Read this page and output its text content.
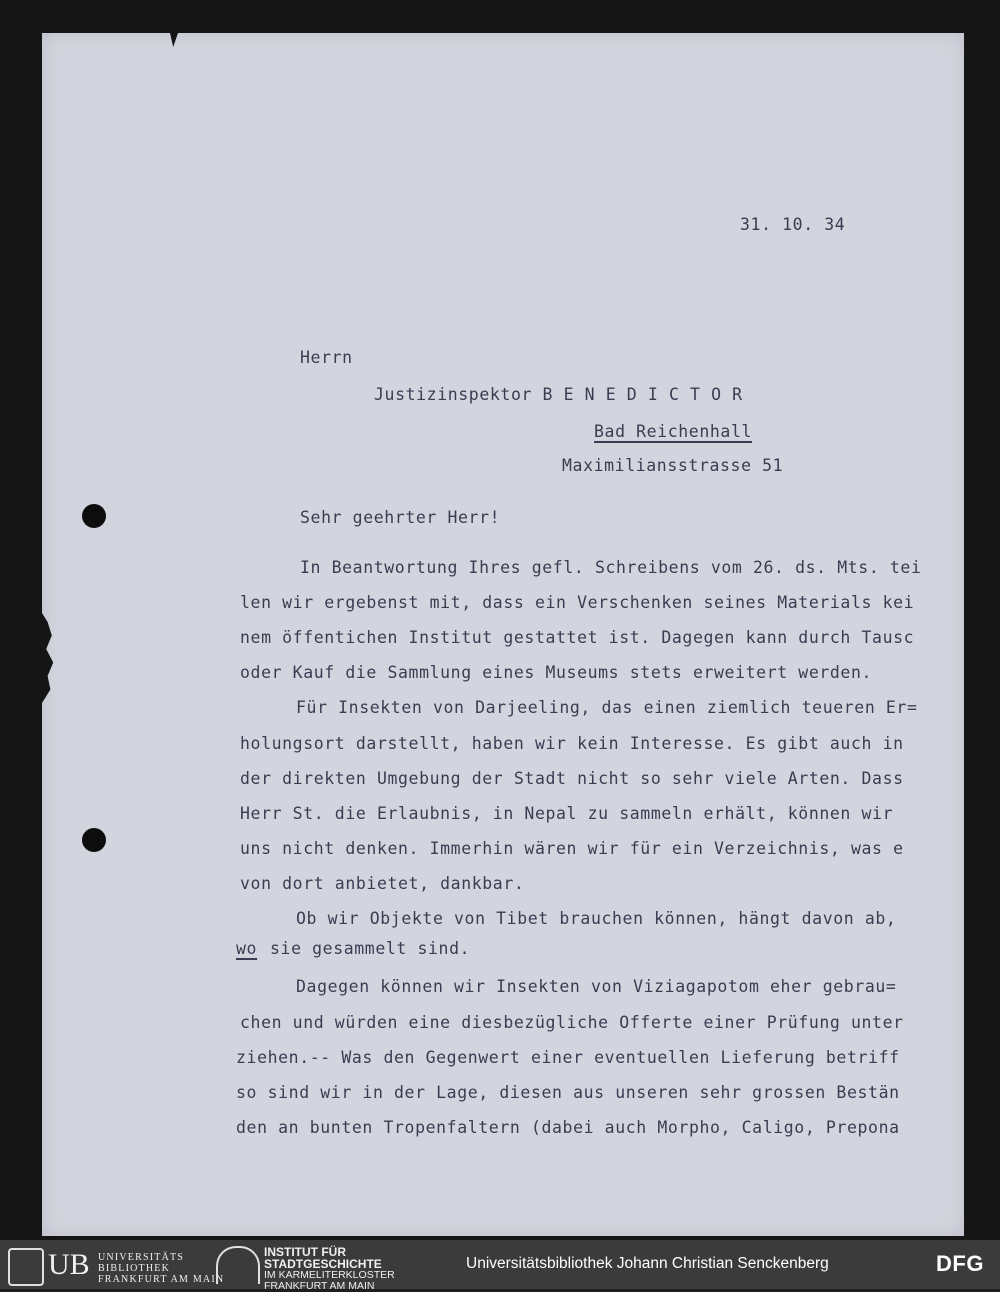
31. 10. 34
Herrn
Justizinspektor B E N E D I C T O R
Bad Reichenhall
Maximiliansstrasse 51
Sehr geehrter Herr!
In Beantwortung Ihres gefl. Schreibens vom 26. ds. Mts. tei
len wir ergebenst mit, dass ein Verschenken seines Materials kei
nem öffentichen Institut gestattet ist. Dagegen kann durch Tausc
oder Kauf die Sammlung eines Museums stets erweitert werden.
Für Insekten von Darjeeling, das einen ziemlich teueren Er=
holungsort darstellt, haben wir kein Interesse. Es gibt auch in
der direkten Umgebung der Stadt nicht so sehr viele Arten. Dass
Herr St. die Erlaubnis, in Nepal zu sammeln erhält, können wir
uns nicht denken. Immerhin wären wir für ein Verzeichnis, was e
von dort anbietet, dankbar.
Ob wir Objekte von Tibet brauchen können, hängt davon ab,
wo sie gesammelt sind.
Dagegen können wir Insekten von Viziagapotom eher gebrau=
chen und würden eine diesbezügliche Offerte einer Prüfung unter
ziehen.-- Was den Gegenwert einer eventuellen Lieferung betriff
so sind wir in der Lage, diesen aus unseren sehr grossen Bestän
den an bunten Tropenfaltern (dabei auch Morpho, Caligo, Prepona
UB UNIVERSITÄTS
BIBLIOTHEK
FRANKFURT AM MAIN
INSTITUT FÜR
STADTGESCHICHTE
IM KARMELITERKLOSTER
FRANKFURT AM MAIN
Universitätsbibliothek Johann Christian Senckenberg	DFG
